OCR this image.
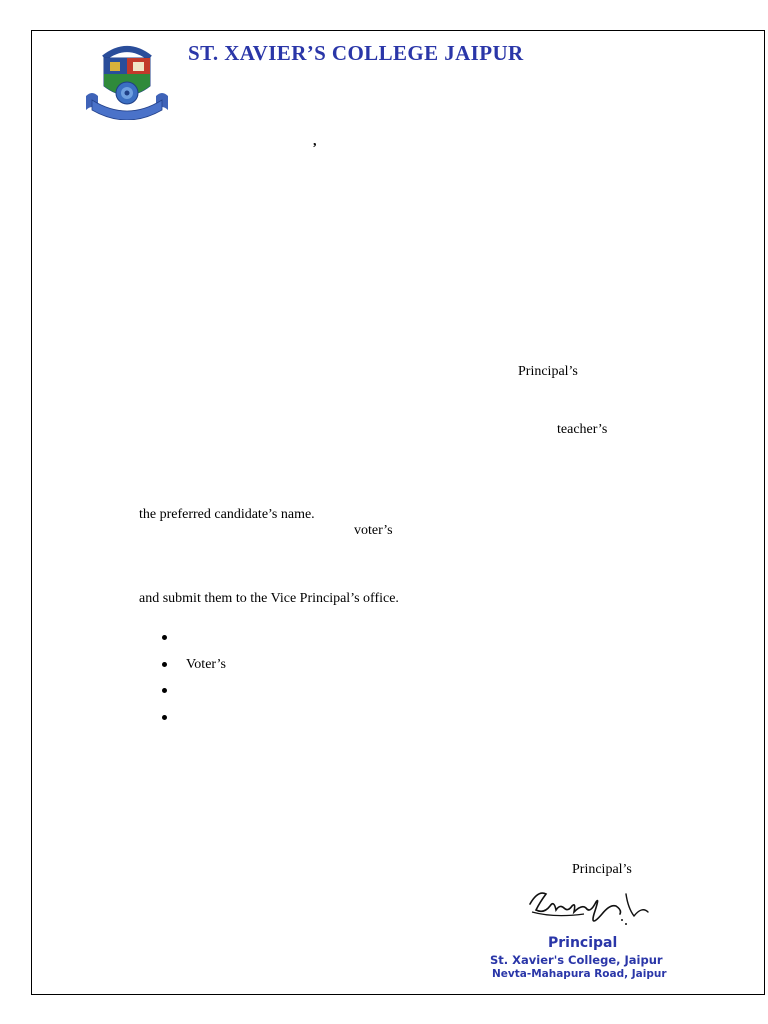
ST. XAVIER’S COLLEGE JAIPUR
,
Principal’s
teacher’s
the preferred candidate’s name.
voter’s
and submit them to the Vice Principal’s office.
Voter’s
Principal’s
Principal
St. Xavier's College, Jaipur
Nevta-Mahapura Road, Jaipur
